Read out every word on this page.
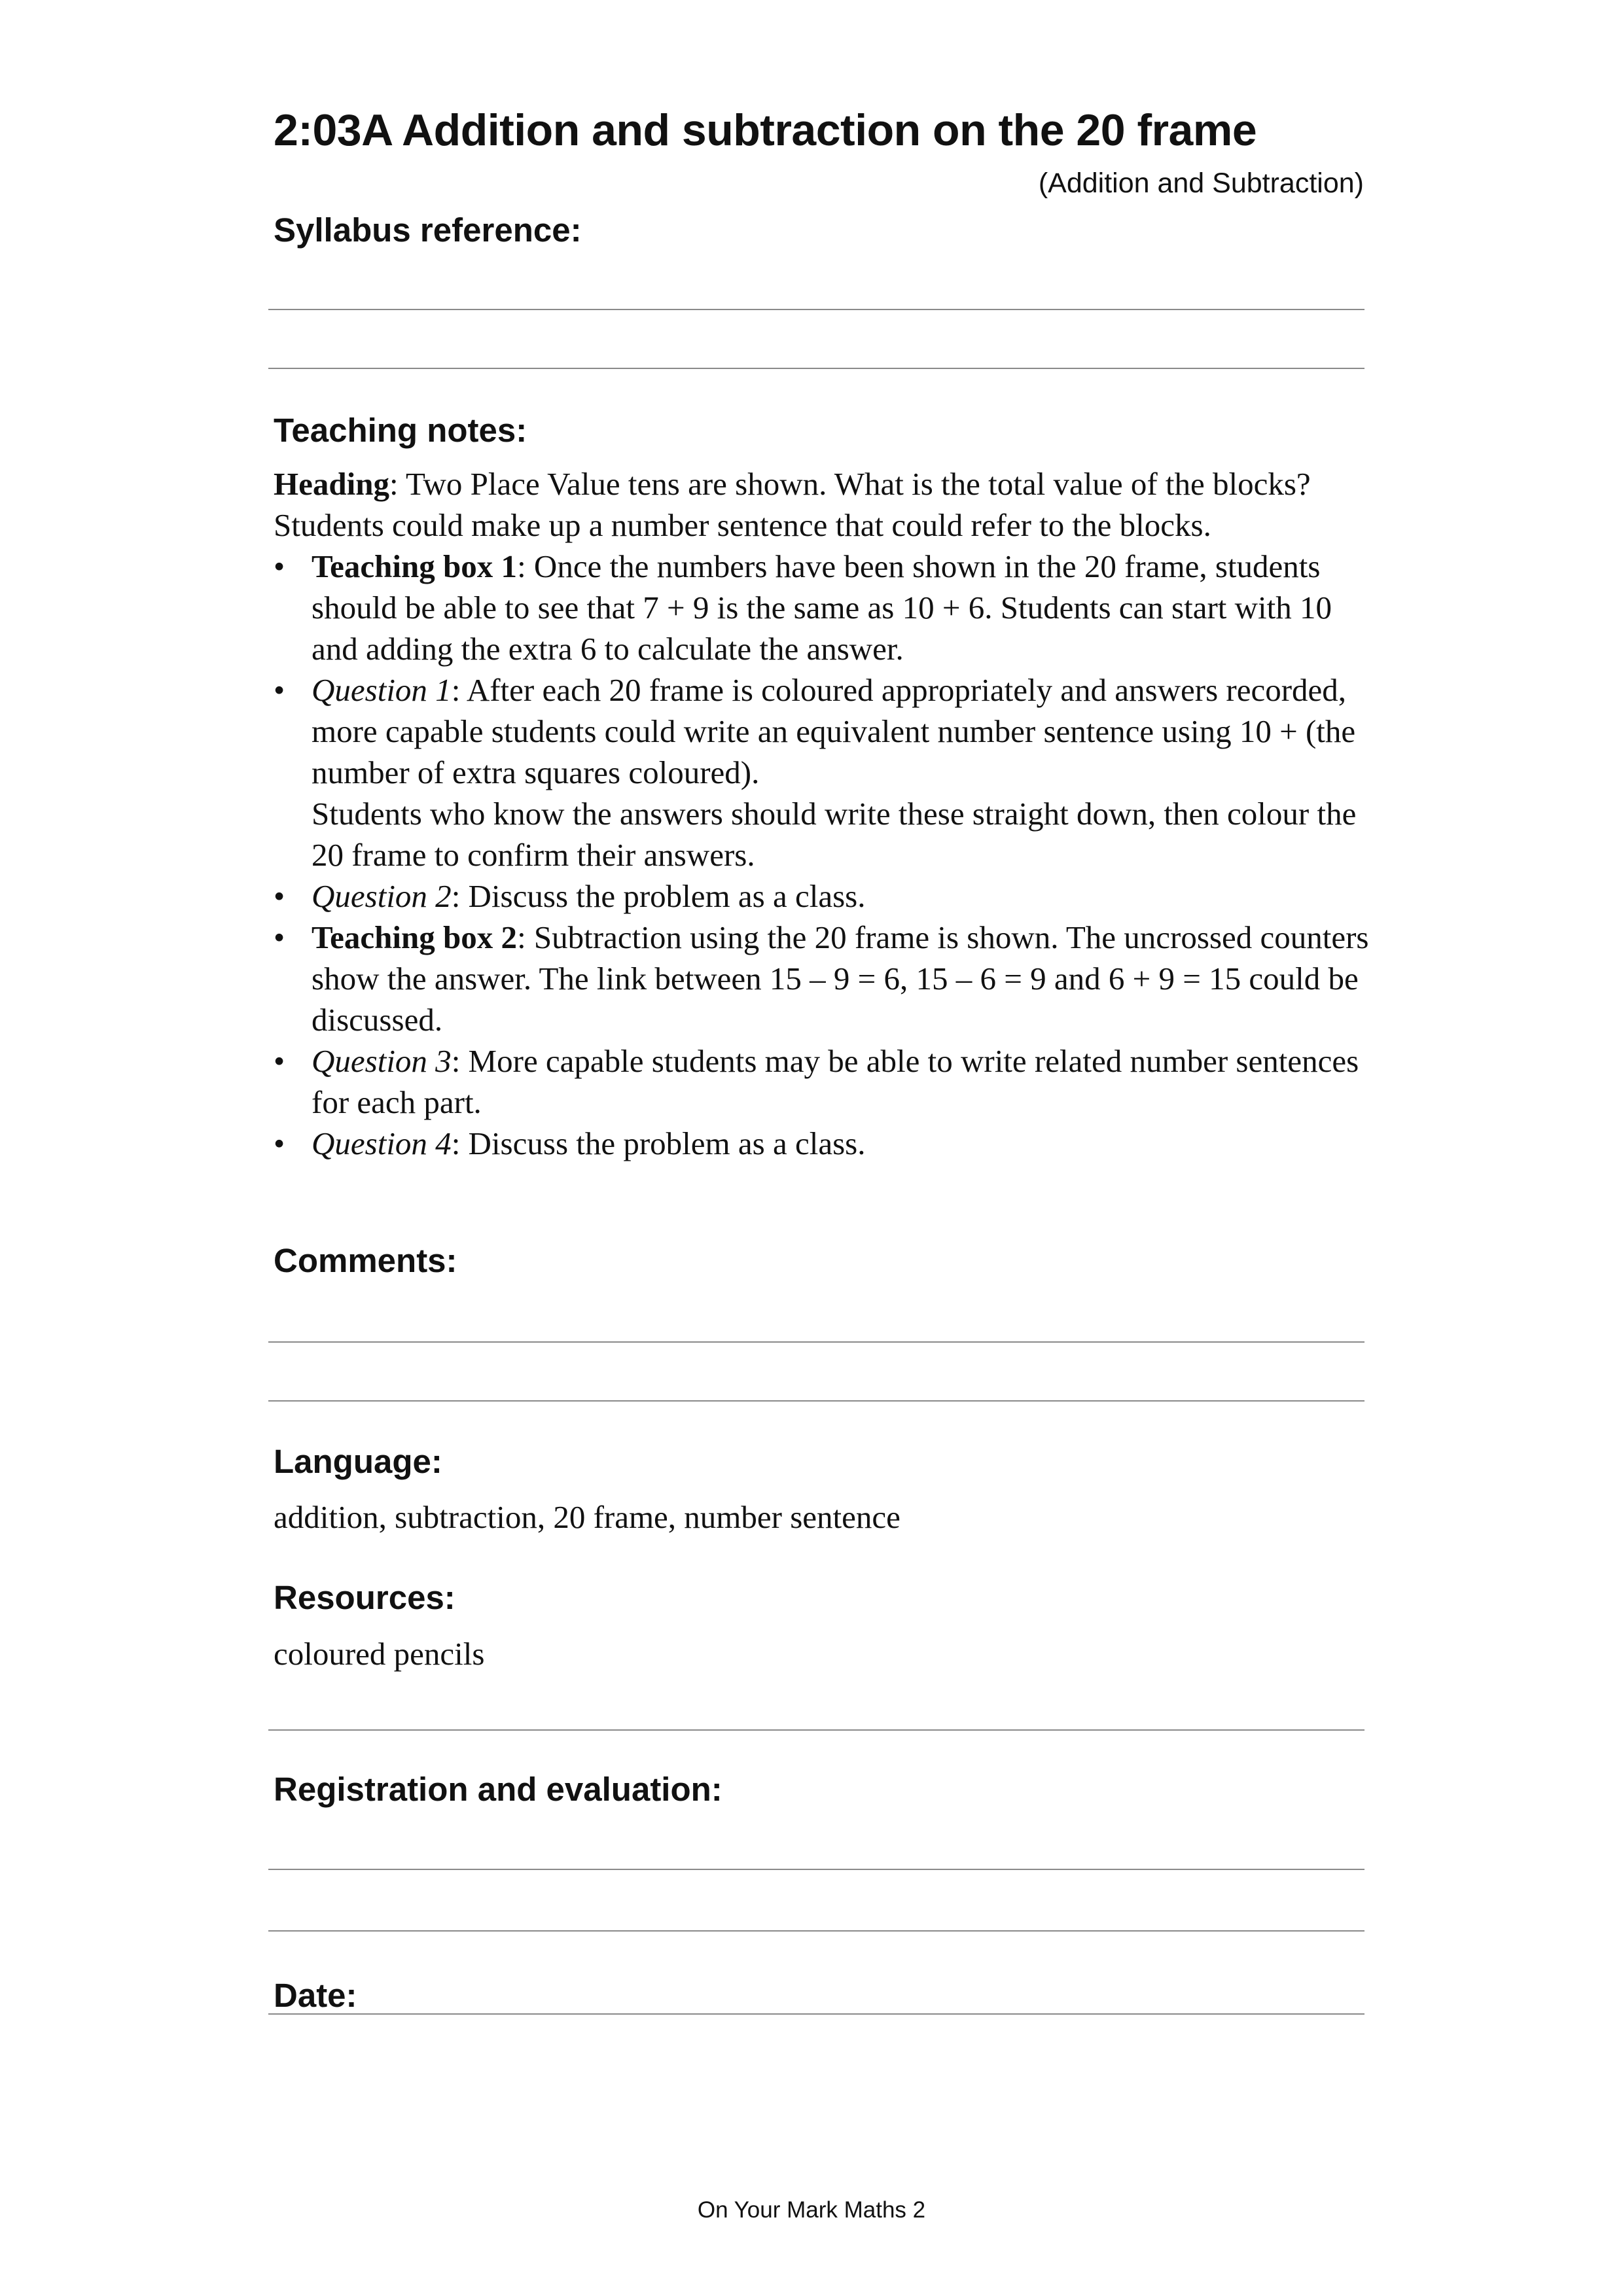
2:03A Addition and subtraction on the 20 frame
(Addition and Subtraction)
Syllabus reference:
Teaching notes:

Heading: Two Place Value tens are shown. What is the total value of the blocks? Students could make up a number sentence that could refer to the blocks.

• Teaching box 1: Once the numbers have been shown in the 20 frame, students should be able to see that 7 + 9 is the same as 10 + 6. Students can start with 10 and adding the extra 6 to calculate the answer.
• Question 1: After each 20 frame is coloured appropriately and answers recorded, more capable students could write an equivalent number sentence using 10 + (the number of extra squares coloured).
Students who know the answers should write these straight down, then colour the 20 frame to confirm their answers.
• Question 2: Discuss the problem as a class.
• Teaching box 2: Subtraction using the 20 frame is shown. The uncrossed counters show the answer. The link between 15 – 9 = 6, 15 – 6 = 9 and 6 + 9 = 15 could be discussed.
• Question 3: More capable students may be able to write related number sentences for each part.
• Question 4: Discuss the problem as a class.
Comments:
Language:
addition, subtraction, 20 frame, number sentence
Resources:
coloured pencils
Registration and evaluation:
Date:
On Your Mark Maths 2
